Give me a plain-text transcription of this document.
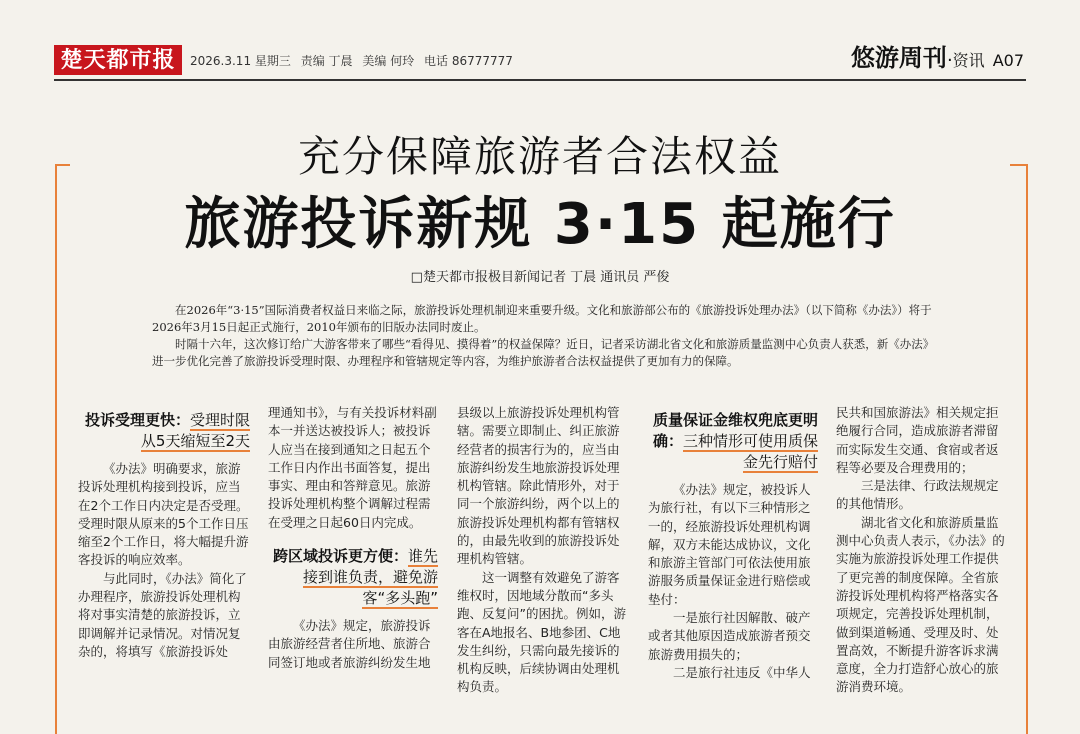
楚天都市报	2026.3.11 星期三 责编 丁晨 美编 何玲 电话 86777777	悠游周刊·资讯 A07
充分保障旅游者合法权益
旅游投诉新规 3·15 起施行
□楚天都市报极目新闻记者 丁晨 通讯员 严俊

在2026年“3·15”国际消费者权益日来临之际，旅游投诉处理机制迎来重要升级。文化和旅游部公布的《旅游投诉处理办法》（以下简称《办法》）将于2026年3月15日起正式施行，2010年颁布的旧版办法同时废止。

时隔十六年，这次修订给广大游客带来了哪些“看得见、摸得着”的权益保障？近日，记者采访湖北省文化和旅游质量监测中心负责人获悉，新《办法》进一步优化完善了旅游投诉受理时限、办理程序和管辖规定等内容，为维护旅游者合法权益提供了更加有力的保障。

投诉受理更快：受理时限从5天缩短至2天

《办法》明确要求，旅游投诉处理机构接到投诉，应当在2个工作日内决定是否受理。受理时限从原来的5个工作日压缩至2个工作日，将大幅提升游客投诉的响应效率。

与此同时，《办法》简化了办理程序，旅游投诉处理机构将对事实清楚的旅游投诉，立即调解并记录情况。对情况复杂的，将填写《旅游投诉处

理通知书》，与有关投诉材料副本一并送达被投诉人；被投诉人应当在接到通知之日起五个工作日内作出书面答复，提出事实、理由和答辩意见。旅游投诉处理机构整个调解过程需在受理之日起60日内完成。

跨区域投诉更方便：谁先接到谁负责，避免游客“多头跑”

《办法》规定，旅游投诉由旅游经营者住所地、旅游合同签订地或者旅游纠纷发生地

县级以上旅游投诉处理机构管辖。需要立即制止、纠正旅游经营者的损害行为的，应当由旅游纠纷发生地旅游投诉处理机构管辖。除此情形外，对于同一个旅游纠纷，两个以上的旅游投诉处理机构都有管辖权的，由最先收到的旅游投诉处理机构管辖。

这一调整有效避免了游客维权时，因地域分散而“多头跑、反复问”的困扰。例如，游客在A地报名、B地参团、C地发生纠纷，只需向最先接诉的机构反映，后续协调由处理机构负责。

质量保证金维权兜底更明确：三种情形可使用质保金先行赔付

《办法》规定，被投诉人为旅行社，有以下三种情形之一的，经旅游投诉处理机构调解，双方未能达成协议，文化和旅游主管部门可依法使用旅游服务质量保证金进行赔偿或垫付：

一是旅行社因解散、破产或者其他原因造成旅游者预交旅游费用损失的；

二是旅行社违反《中华人

民共和国旅游法》相关规定拒绝履行合同，造成旅游者滞留而实际发生交通、食宿或者返程等必要及合理费用的；

三是法律、行政法规规定的其他情形。

湖北省文化和旅游质量监测中心负责人表示，《办法》的实施为旅游投诉处理工作提供了更完善的制度保障。全省旅游投诉处理机构将严格落实各项规定，完善投诉处理机制，做到渠道畅通、受理及时、处置高效，不断提升游客诉求满意度，全力打造舒心放心的旅游消费环境。
